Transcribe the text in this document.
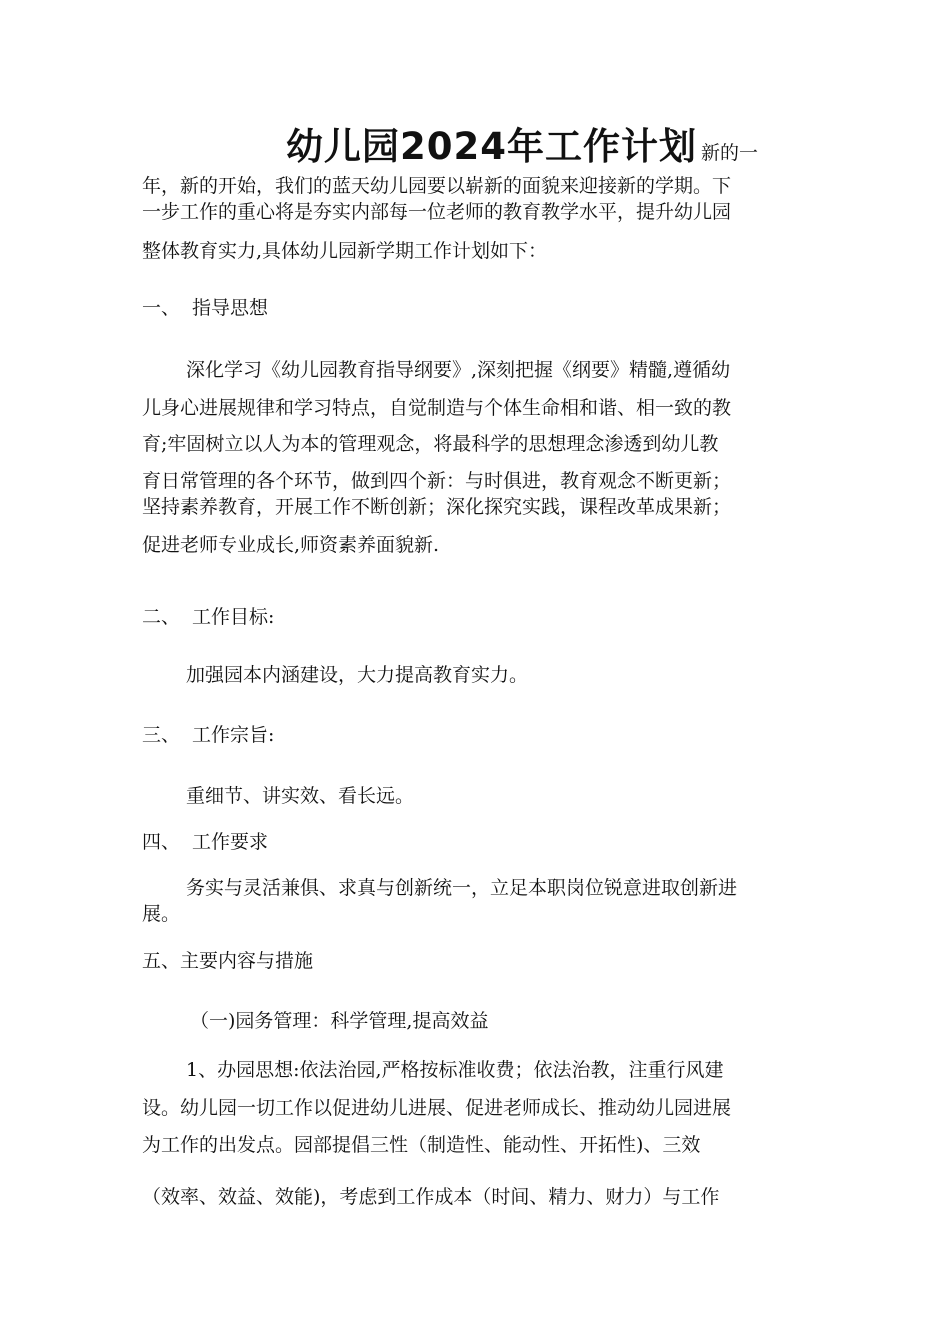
幼儿园2024年工作计划 新的一
年，新的开始，我们的蓝天幼儿园要以崭新的面貌来迎接新的学期。下
一步工作的重心将是夯实内部每一位老师的教育教学水平，提升幼儿园
整体教育实力,具体幼儿园新学期工作计划如下：
一、 指导思想
深化学习《幼儿园教育指导纲要》,深刻把握《纲要》精髓,遵循幼
儿身心进展规律和学习特点，自觉制造与个体生命相和谐、相一致的教
育;牢固树立以人为本的管理观念，将最科学的思想理念渗透到幼儿教
育日常管理的各个环节，做到四个新：与时俱进，教育观念不断更新；
坚持素养教育，开展工作不断创新；深化探究实践，课程改革成果新；
促进老师专业成长,师资素养面貌新.
二、 工作目标:
加强园本内涵建设，大力提高教育实力。
三、 工作宗旨:
重细节、讲实效、看长远。
四、 工作要求
务实与灵活兼俱、求真与创新统一，立足本职岗位锐意进取创新进
展。
五、主要内容与措施
（一)园务管理：科学管理,提高效益
1、办园思想:依法治园,严格按标准收费；依法治教，注重行风建
设。幼儿园一切工作以促进幼儿进展、促进老师成长、推动幼儿园进展
为工作的出发点。园部提倡三性（制造性、能动性、开拓性)、三效
（效率、效益、效能)，考虑到工作成本（时间、精力、财力）与工作
